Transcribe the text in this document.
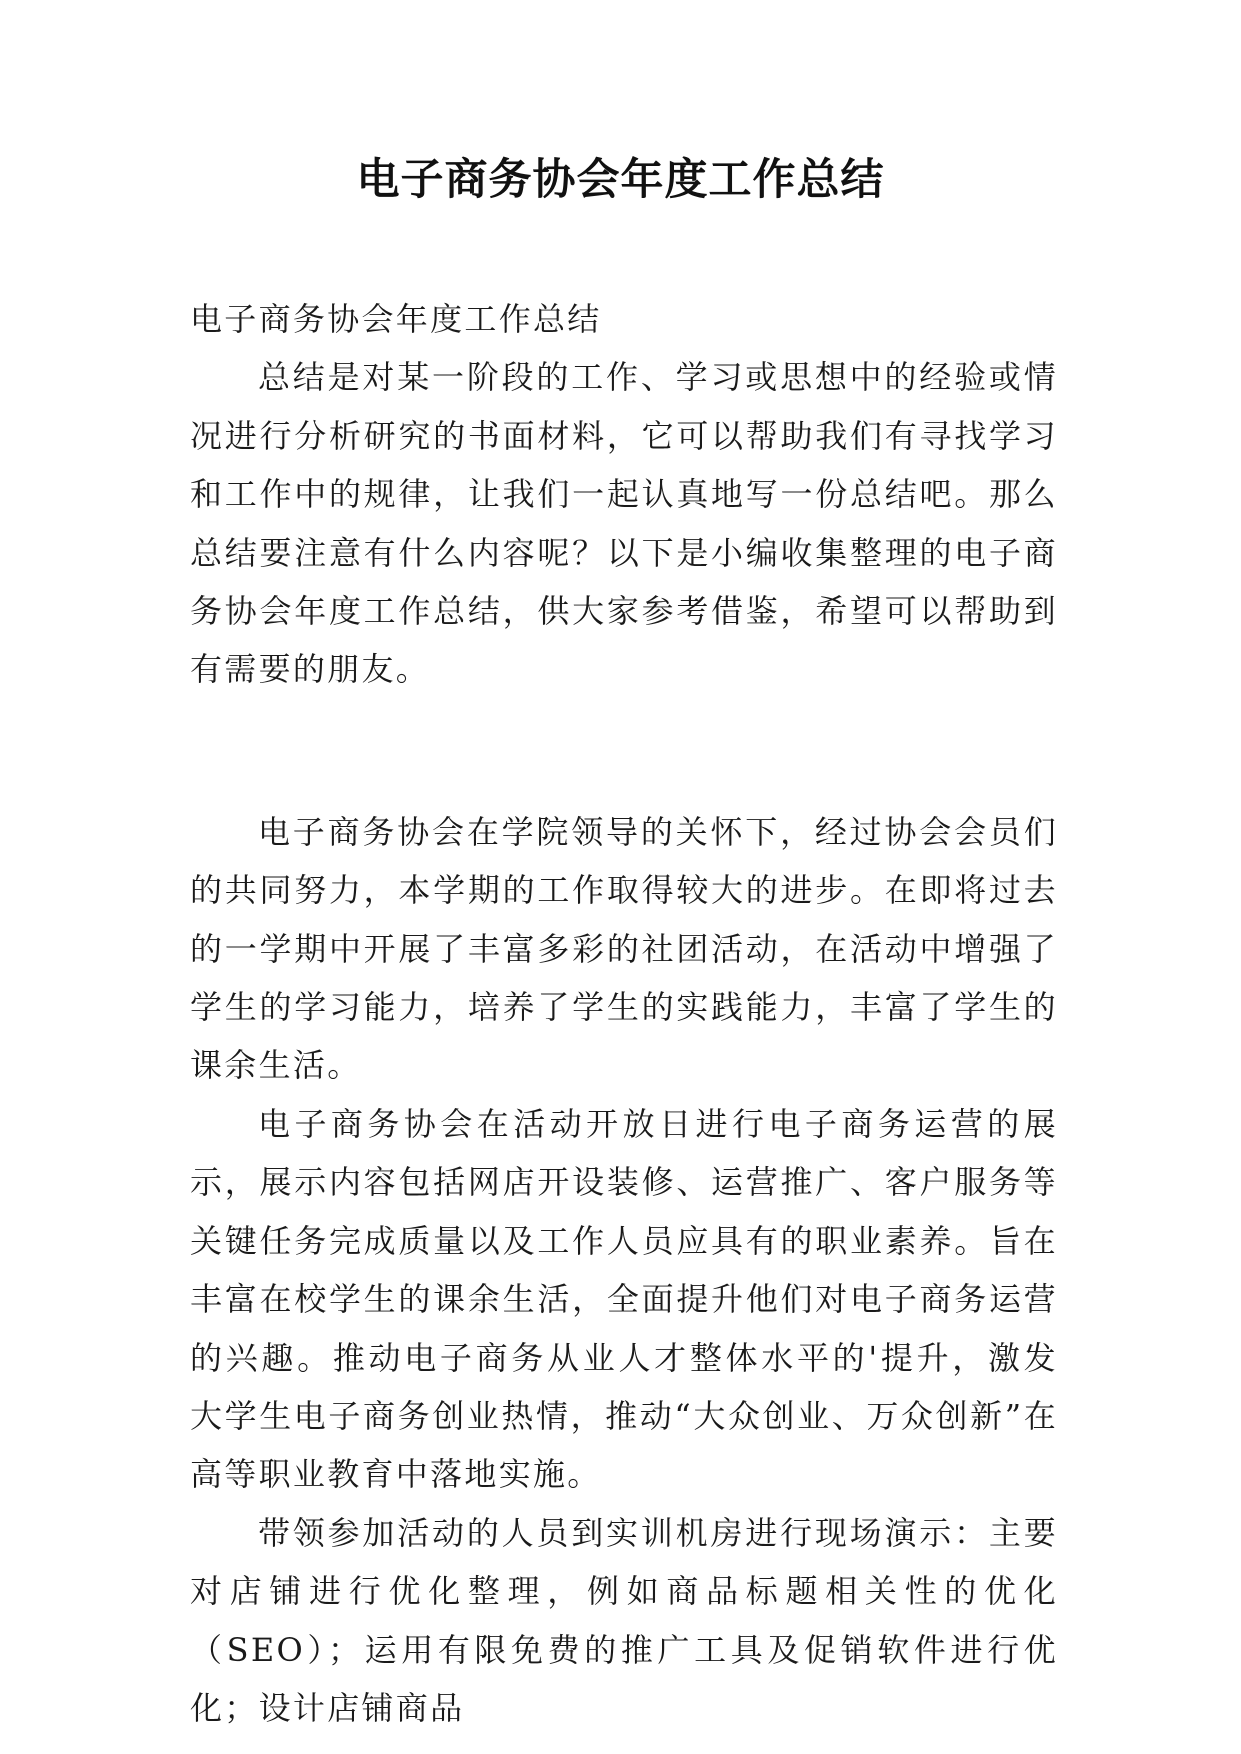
电子商务协会年度工作总结

电子商务协会年度工作总结

总结是对某一阶段的工作、学习或思想中的经验或情况进行分析研究的书面材料，它可以帮助我们有寻找学习和工作中的规律，让我们一起认真地写一份总结吧。那么总结要注意有什么内容呢？以下是小编收集整理的电子商务协会年度工作总结，供大家参考借鉴，希望可以帮助到有需要的朋友。

电子商务协会在学院领导的关怀下，经过协会会员们的共同努力，本学期的工作取得较大的进步。在即将过去的一学期中开展了丰富多彩的社团活动，在活动中增强了学生的学习能力，培养了学生的实践能力，丰富了学生的课余生活。

电子商务协会在活动开放日进行电子商务运营的展示，展示内容包括网店开设装修、运营推广、客户服务等关键任务完成质量以及工作人员应具有的职业素养。旨在丰富在校学生的课余生活，全面提升他们对电子商务运营的兴趣。推动电子商务从业人才整体水平的'提升，激发大学生电子商务创业热情，推动“大众创业、万众创新”在高等职业教育中落地实施。

带领参加活动的人员到实训机房进行现场演示：主要对店铺进行优化整理，例如商品标题相关性的优化（SEO）；运用有限免费的推广工具及促销软件进行优化；设计店铺商品
